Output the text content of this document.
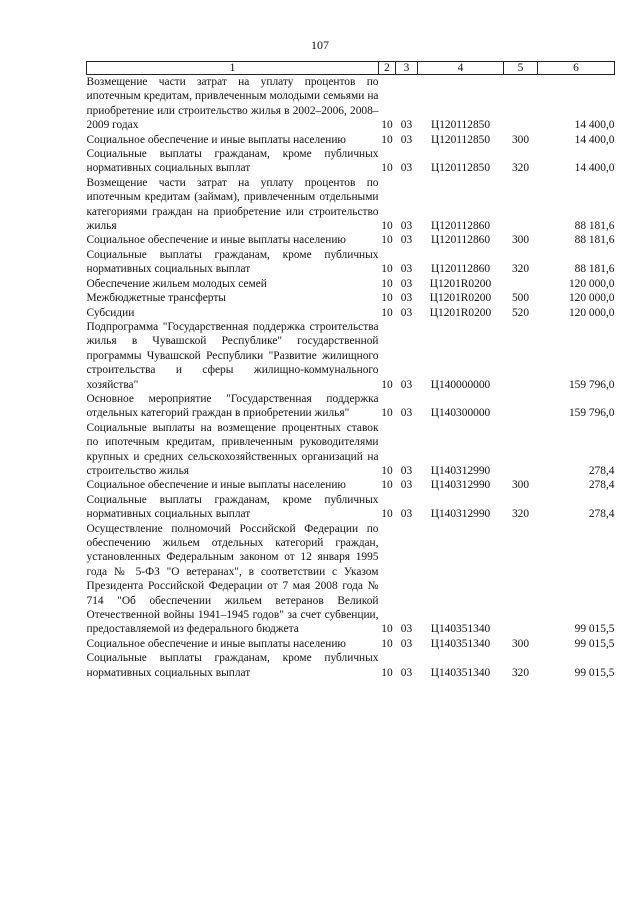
107
1	2	3	4	5	6
Возмещение части затрат на уплату процентов по ипотечным кредитам, привлеченным молодыми семьями на приобретение или строительство жилья в 2002–2006, 2008–2009 годах	10	03	Ц120112850		14 400,0
Социальное обеспечение и иные выплаты населению	10	03	Ц120112850	300	14 400,0
Социальные выплаты гражданам, кроме публичных нормативных социальных выплат	10	03	Ц120112850	320	14 400,0
Возмещение части затрат на уплату процентов по ипотечным кредитам (займам), привлеченным отдельными категориями граждан на приобретение или строительство жилья	10	03	Ц120112860		88 181,6
Социальное обеспечение и иные выплаты населению	10	03	Ц120112860	300	88 181,6
Социальные выплаты гражданам, кроме публичных нормативных социальных выплат	10	03	Ц120112860	320	88 181,6
Обеспечение жильем молодых семей	10	03	Ц1201R0200		120 000,0
Межбюджетные трансферты	10	03	Ц1201R0200	500	120 000,0
Субсидии	10	03	Ц1201R0200	520	120 000,0
Подпрограмма "Государственная поддержка строительства жилья в Чувашской Республике" государственной программы Чувашской Республики "Развитие жилищного строительства и сферы жилищно-коммунального хозяйства"	10	03	Ц140000000		159 796,0
Основное мероприятие "Государственная поддержка отдельных категорий граждан в приобретении жилья"	10	03	Ц140300000		159 796,0
Социальные выплаты на возмещение процентных ставок по ипотечным кредитам, привлеченным руководителями крупных и средних сельскохозяйственных организаций на строительство жилья	10	03	Ц140312990		278,4
Социальное обеспечение и иные выплаты населению	10	03	Ц140312990	300	278,4
Социальные выплаты гражданам, кроме публичных нормативных социальных выплат	10	03	Ц140312990	320	278,4
Осуществление полномочий Российской Федерации по обеспечению жильем отдельных категорий граждан, установленных Федеральным законом от 12 января 1995 года № 5-ФЗ "О ветеранах", в соответствии с Указом Президента Российской Федерации от 7 мая 2008 года № 714 "Об обеспечении жильем ветеранов Великой Отечественной войны 1941–1945 годов" за счет субвенции, предоставляемой из федерального бюджета	10	03	Ц140351340		99 015,5
Социальное обеспечение и иные выплаты населению	10	03	Ц140351340	300	99 015,5
Социальные выплаты гражданам, кроме публичных нормативных социальных выплат	10	03	Ц140351340	320	99 015,5
